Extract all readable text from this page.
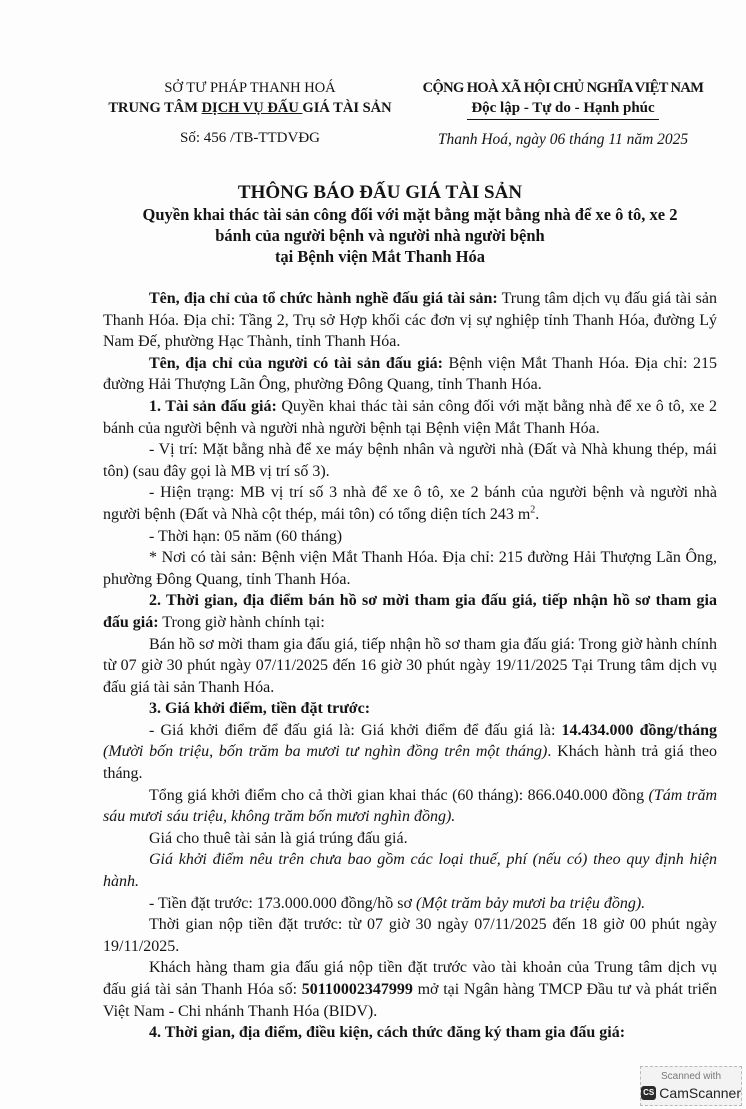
SỞ TƯ PHÁP THANH HOÁ
TRUNG TÂM DỊCH VỤ ĐẤU GIÁ TÀI SẢN
Số: 456 /TB-TTDVĐG
CỘNG HOÀ XÃ HỘI CHỦ NGHĨA VIỆT NAM
Độc lập - Tự do - Hạnh phúc
Thanh Hoá, ngày 06 tháng 11 năm 2025
THÔNG BÁO ĐẤU GIÁ TÀI SẢN
Quyền khai thác tài sản công đối với mặt bằng mặt bằng nhà để xe ô tô, xe 2
bánh của người bệnh và người nhà người bệnh
tại Bệnh viện Mắt Thanh Hóa

Tên, địa chỉ của tổ chức hành nghề đấu giá tài sản: Trung tâm dịch vụ đấu giá tài sản Thanh Hóa. Địa chỉ: Tầng 2, Trụ sở Hợp khối các đơn vị sự nghiệp tỉnh Thanh Hóa, đường Lý Nam Đế, phường Hạc Thành, tỉnh Thanh Hóa.

Tên, địa chỉ của người có tài sản đấu giá: Bệnh viện Mắt Thanh Hóa. Địa chỉ: 215 đường Hải Thượng Lãn Ông, phường Đông Quang, tỉnh Thanh Hóa.

1. Tài sản đấu giá: Quyền khai thác tài sản công đối với mặt bằng nhà để xe ô tô, xe 2 bánh của người bệnh và người nhà người bệnh tại Bệnh viện Mắt Thanh Hóa.

- Vị trí: Mặt bằng nhà để xe máy bệnh nhân và người nhà (Đất và Nhà khung thép, mái tôn) (sau đây gọi là MB vị trí số 3).

- Hiện trạng: MB vị trí số 3 nhà để xe ô tô, xe 2 bánh của người bệnh và người nhà người bệnh (Đất và Nhà cột thép, mái tôn) có tổng diện tích 243 $m^2$.

- Thời hạn: 05 năm (60 tháng)

* Nơi có tài sản: Bệnh viện Mắt Thanh Hóa. Địa chỉ: 215 đường Hải Thượng Lãn Ông, phường Đông Quang, tỉnh Thanh Hóa.

2. Thời gian, địa điểm bán hồ sơ mời tham gia đấu giá, tiếp nhận hồ sơ tham gia đấu giá: Trong giờ hành chính tại:

Bán hồ sơ mời tham gia đấu giá, tiếp nhận hồ sơ tham gia đấu giá: Trong giờ hành chính từ 07 giờ 30 phút ngày 07/11/2025 đến 16 giờ 30 phút ngày 19/11/2025 Tại Trung tâm dịch vụ đấu giá tài sản Thanh Hóa.

3. Giá khởi điểm, tiền đặt trước:

- Giá khởi điểm để đấu giá là: Giá khởi điểm để đấu giá là: 14.434.000 đồng/tháng (Mười bốn triệu, bốn trăm ba mươi tư nghìn đồng trên một tháng). Khách hành trả giá theo tháng.

Tổng giá khởi điểm cho cả thời gian khai thác (60 tháng): 866.040.000 đồng (Tám trăm sáu mươi sáu triệu, không trăm bốn mươi nghìn đồng).

Giá cho thuê tài sản là giá trúng đấu giá.

Giá khởi điểm nêu trên chưa bao gồm các loại thuế, phí (nếu có) theo quy định hiện hành.

- Tiền đặt trước: 173.000.000 đồng/hồ sơ (Một trăm bảy mươi ba triệu đồng).

Thời gian nộp tiền đặt trước: từ 07 giờ 30 ngày 07/11/2025 đến 18 giờ 00 phút ngày 19/11/2025.

Khách hàng tham gia đấu giá nộp tiền đặt trước vào tài khoản của Trung tâm dịch vụ đấu giá tài sản Thanh Hóa số: 50110002347999 mở tại Ngân hàng TMCP Đầu tư và phát triển Việt Nam - Chi nhánh Thanh Hóa (BIDV).

4. Thời gian, địa điểm, điều kiện, cách thức đăng ký tham gia đấu giá:

Scanned with
CS CamScanner
